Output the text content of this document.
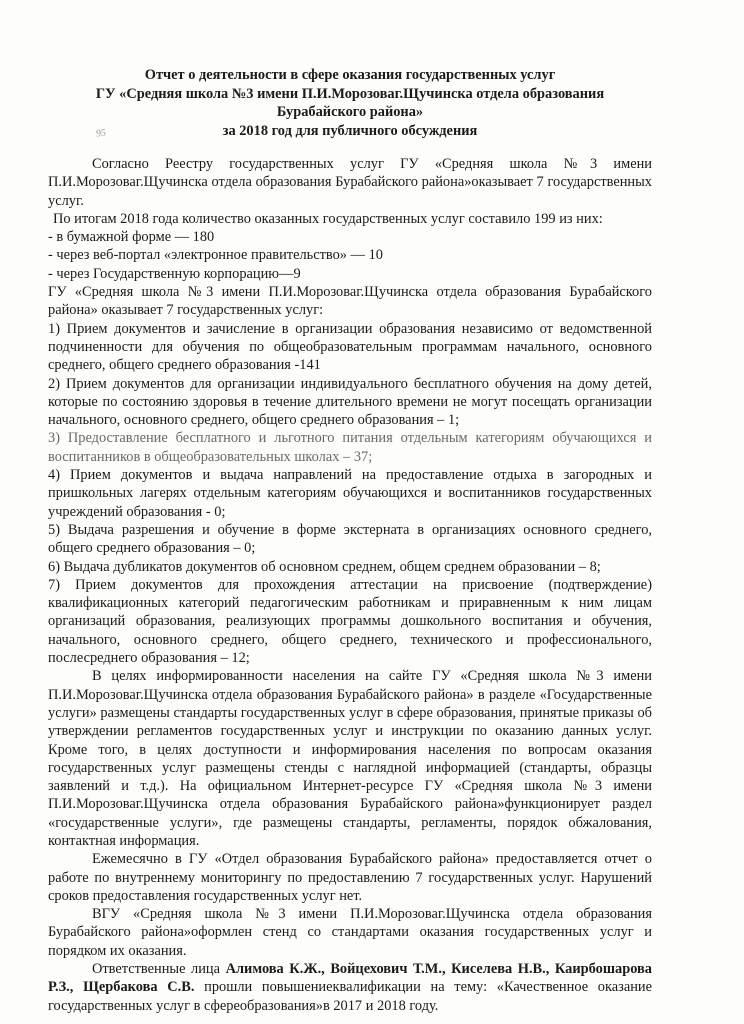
Отчет о деятельности в сфере оказания государственных услуг
ГУ «Средняя школа №3 имени П.И.Морозоваг.Щучинска отдела образования
Бурабайского района»
за 2018 год для публичного обсуждения
95

Согласно Реестру государственных услуг ГУ «Средняя школа №3 имени П.И.Морозоваг.Щучинска отдела образования Бурабайского района»оказывает 7 государственных услуг.

По итогам 2018 года количество оказанных государственных услуг составило 199 из них:

- в бумажной форме — 180

- через веб-портал «электронное правительство» — 10

- через Государственную корпорацию—9

ГУ «Средняя школа №3 имени П.И.Морозоваг.Щучинска отдела образования Бурабайского района» оказывает 7 государственных услуг:

1) Прием документов и зачисление в организации образования независимо от ведомственной подчиненности для обучения по общеобразовательным программам начального, основного среднего, общего среднего образования -141

2) Прием документов для организации индивидуального бесплатного обучения на дому детей, которые по состоянию здоровья в течение длительного времени не могут посещать организации начального, основного среднего, общего среднего образования – 1;

3) Предоставление бесплатного и льготного питания отдельным категориям обучающихся и воспитанников в общеобразовательных школах – 37;

4) Прием документов и выдача направлений на предоставление отдыха в загородных и пришкольных лагерях отдельным категориям обучающихся и воспитанников государственных учреждений образования - 0;

5) Выдача разрешения и обучение в форме экстерната в организациях основного среднего, общего среднего образования – 0;

6) Выдача дубликатов документов об основном среднем, общем среднем образовании – 8;

7) Прием документов для прохождения аттестации на присвоение (подтверждение) квалификационных категорий педагогическим работникам и приравненным к ним лицам организаций образования, реализующих программы дошкольного воспитания и обучения, начального, основного среднего, общего среднего, технического и профессионального, послесреднего образования – 12;

В целях информированности населения на сайте ГУ «Средняя школа №3 имени П.И.Морозоваг.Щучинска отдела образования Бурабайского района» в разделе «Государственные услуги» размещены стандарты государственных услуг в сфере образования, принятые приказы об утверждении регламентов государственных услуг и инструкции по оказанию данных услуг. Кроме того, в целях доступности и информирования населения по вопросам оказания государственных услуг размещены стенды с наглядной информацией (стандарты, образцы заявлений и т.д.). На официальном Интернет-ресурсе ГУ «Средняя школа №3 имени П.И.Морозоваг.Щучинска отдела образования Бурабайского района»функционирует раздел «государственные услуги», где размещены стандарты, регламенты, порядок обжалования, контактная информация.

Ежемесячно в ГУ «Отдел образования Бурабайского района» предоставляется отчет о работе по внутреннему мониторингу по предоставлению 7 государственных услуг. Нарушений сроков предоставления государственных услуг нет.

ВГУ «Средняя школа №3 имени П.И.Морозоваг.Щучинска отдела образования Бурабайского района»оформлен стенд со стандартами оказания государственных услуг и порядком их оказания.

Ответственные лица Алимова К.Ж., Войцехович Т.М., Киселева Н.В., Каирбошарова Р.З., Щербакова С.В. прошли повышениеквалификации на тему: «Качественное оказание государственных услуг в сфереобразования»в 2017 и 2018 году.
